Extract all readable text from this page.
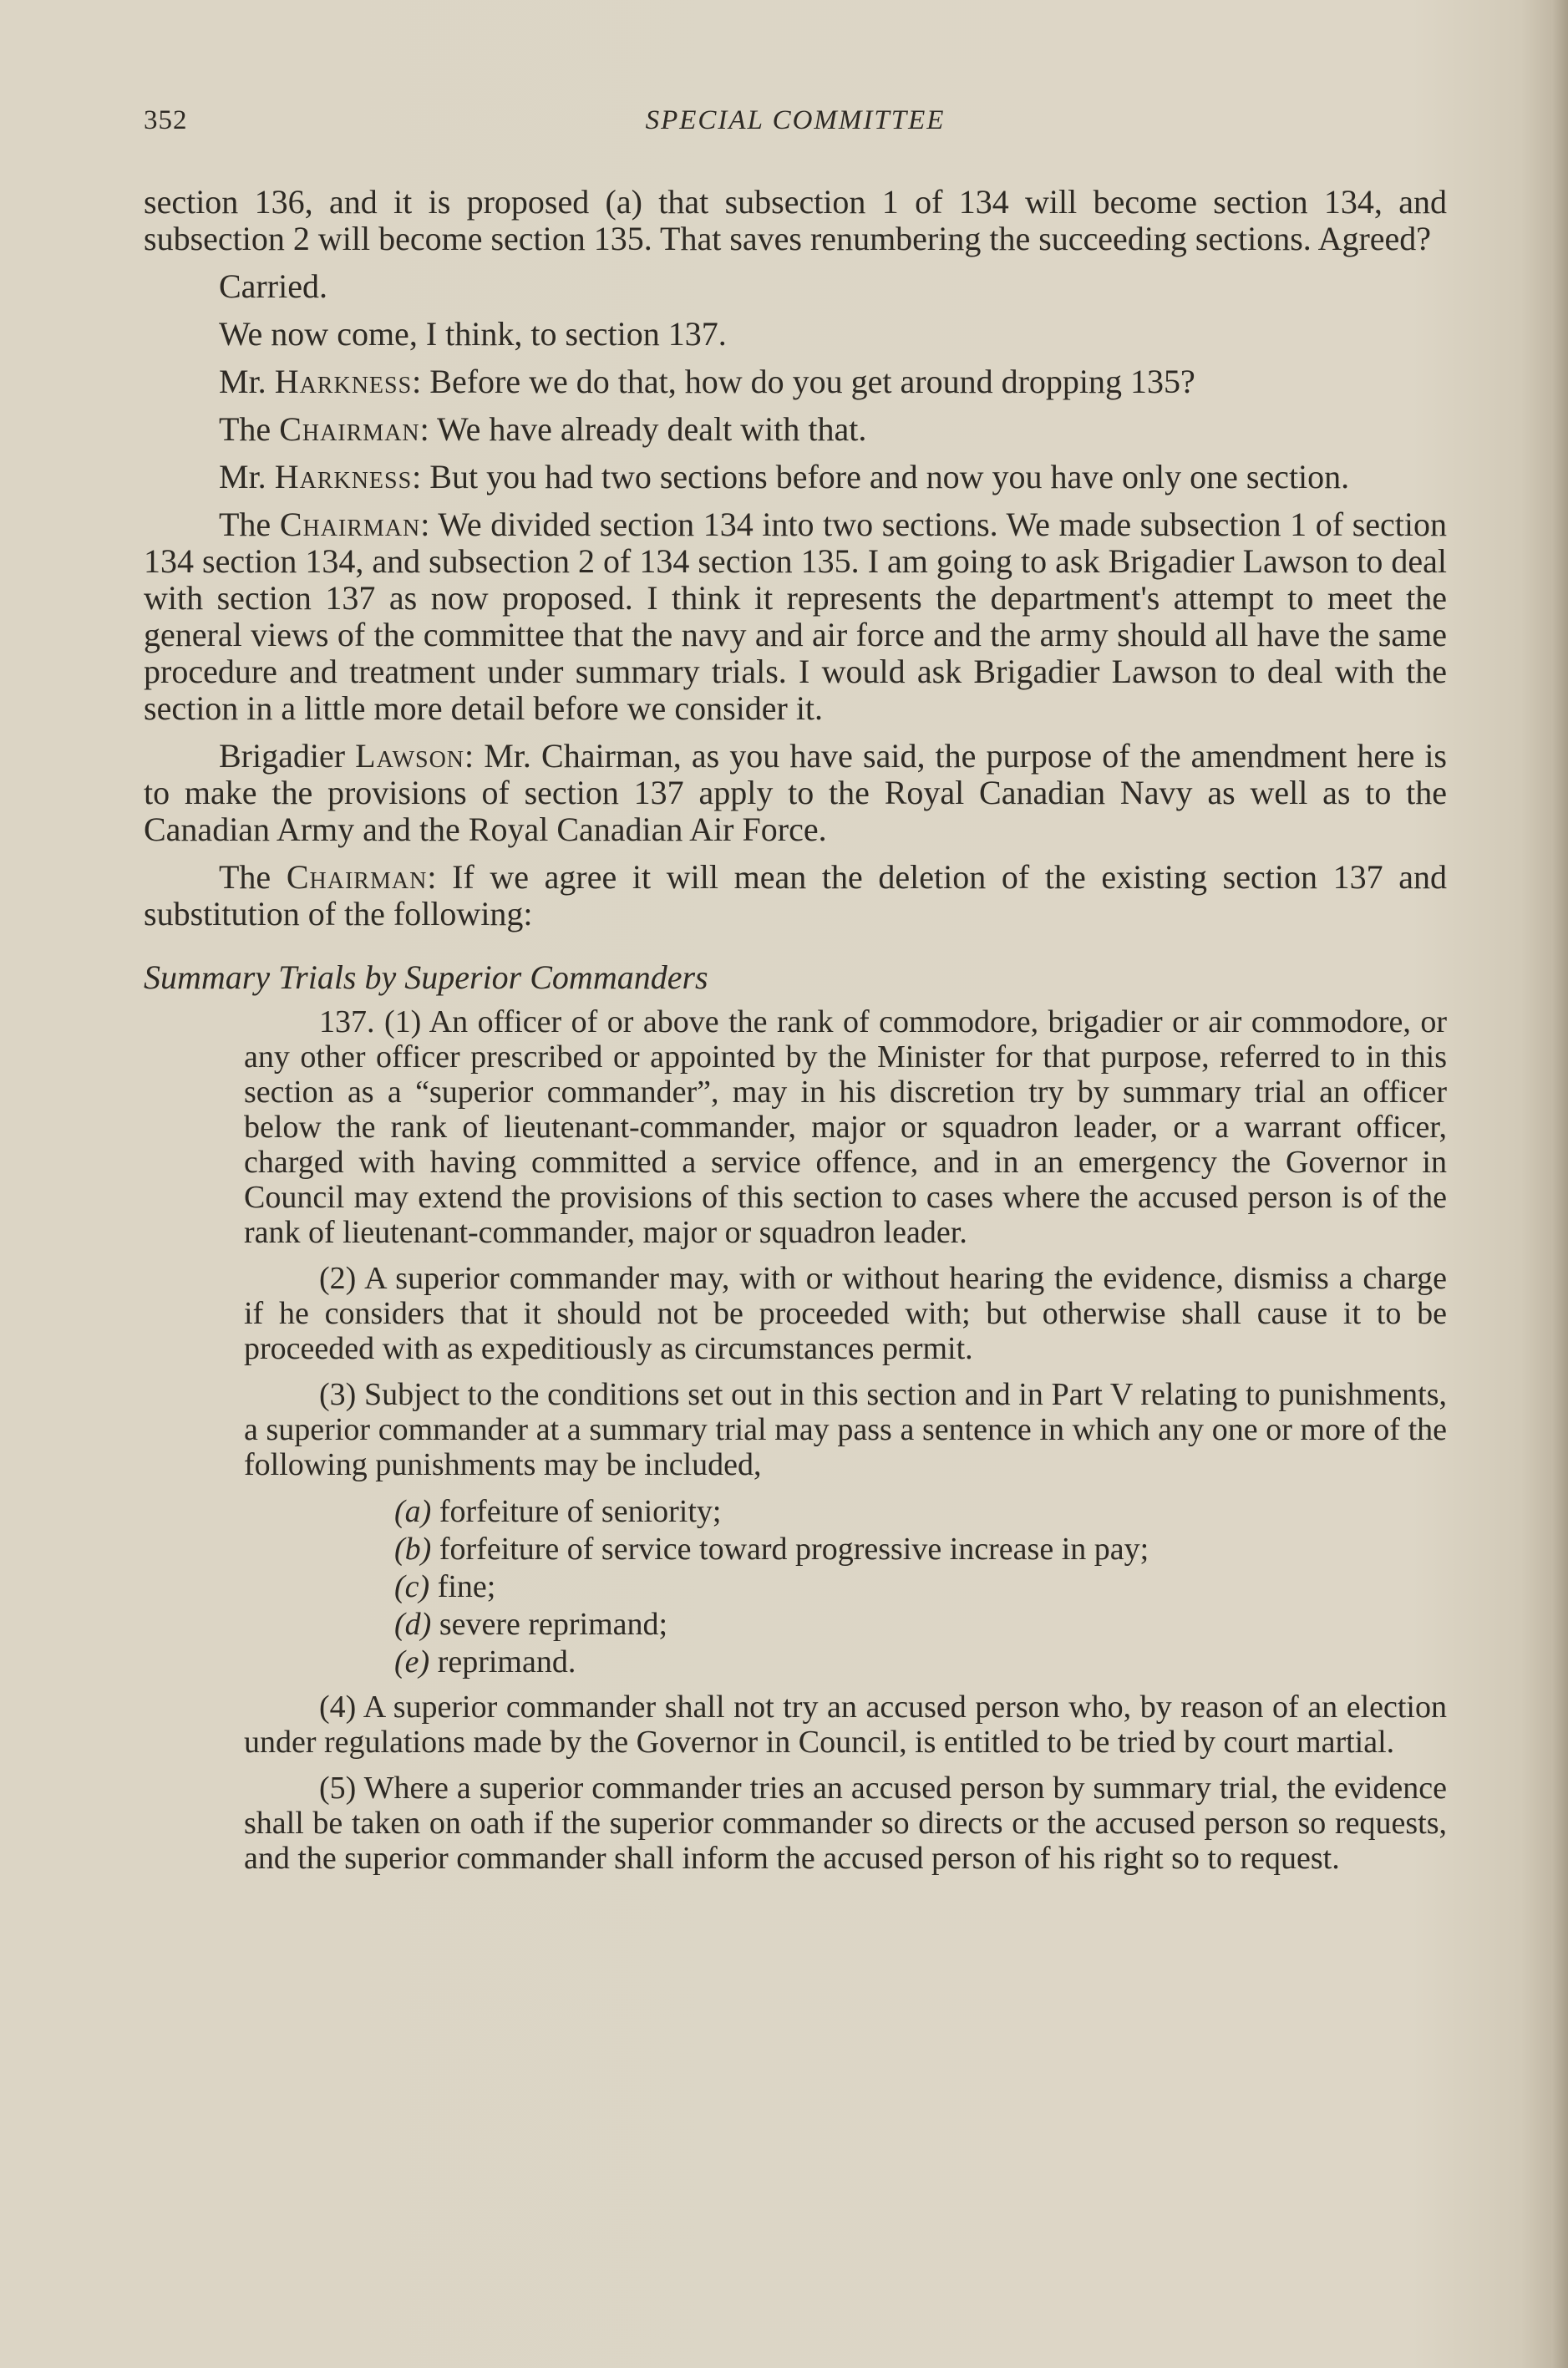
352	SPECIAL COMMITTEE

section 136, and it is proposed (a) that subsection 1 of 134 will become section 134, and subsection 2 will become section 135. That saves renumbering the succeeding sections. Agreed?

Carried.

We now come, I think, to section 137.

Mr. Harkness: Before we do that, how do you get around dropping 135?

The Chairman: We have already dealt with that.

Mr. Harkness: But you had two sections before and now you have only one section.

The Chairman: We divided section 134 into two sections. We made subsection 1 of section 134 section 134, and subsection 2 of 134 section 135. I am going to ask Brigadier Lawson to deal with section 137 as now proposed. I think it represents the department's attempt to meet the general views of the committee that the navy and air force and the army should all have the same procedure and treatment under summary trials. I would ask Brigadier Lawson to deal with the section in a little more detail before we consider it.

Brigadier Lawson: Mr. Chairman, as you have said, the purpose of the amendment here is to make the provisions of section 137 apply to the Royal Canadian Navy as well as to the Canadian Army and the Royal Canadian Air Force.

The Chairman: If we agree it will mean the deletion of the existing section 137 and substitution of the following:

Summary Trials by Superior Commanders

137. (1) An officer of or above the rank of commodore, brigadier or air commodore, or any other officer prescribed or appointed by the Minister for that purpose, referred to in this section as a “superior commander”, may in his discretion try by summary trial an officer below the rank of lieutenant-commander, major or squadron leader, or a warrant officer, charged with having committed a service offence, and in an emergency the Governor in Council may extend the provisions of this section to cases where the accused person is of the rank of lieutenant-commander, major or squadron leader.

(2) A superior commander may, with or without hearing the evidence, dismiss a charge if he considers that it should not be proceeded with; but otherwise shall cause it to be proceeded with as expeditiously as circumstances permit.

(3) Subject to the conditions set out in this section and in Part V relating to punishments, a superior commander at a summary trial may pass a sentence in which any one or more of the following punishments may be included,

(a) forfeiture of seniority;
(b) forfeiture of service toward progressive increase in pay;
(c) fine;
(d) severe reprimand;
(e) reprimand.

(4) A superior commander shall not try an accused person who, by reason of an election under regulations made by the Governor in Council, is entitled to be tried by court martial.

(5) Where a superior commander tries an accused person by summary trial, the evidence shall be taken on oath if the superior commander so directs or the accused person so requests, and the superior commander shall inform the accused person of his right so to request.
